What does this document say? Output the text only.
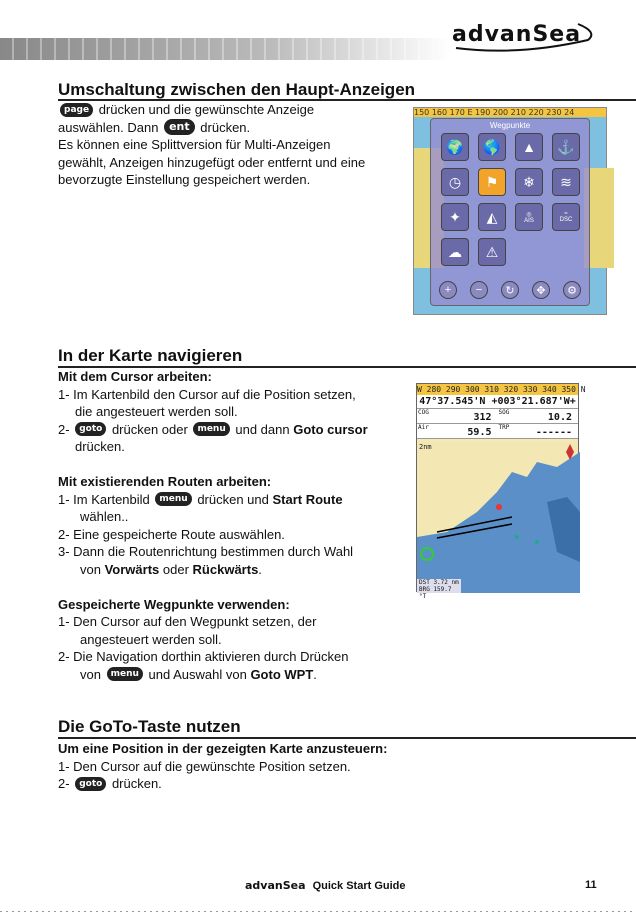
advanSea
Umschaltung zwischen den Haupt-Anzeigen
page drücken und die gewünschte Anzeige
auswählen. Dann ent drücken.
Es können eine Splittversion für Multi-Anzeigen
gewählt, Anzeigen hinzugefügt oder entfernt und eine
bevorzugte Einstellung gespeichert werden.
150 160 170 E 190 200 210 220 230 24
Wegpunkte
🌍	🌎	▲	⚓
◷	⚑	❄	≋
✦	◭	◎
AIS
≈
DSC
☁	⚠
+	−	↻	✥	⚙
In der Karte navigieren
Mit dem Cursor arbeiten:
1- Im Kartenbild den Cursor auf die Position setzen,
die angesteuert werden soll.
2- goto drücken oder menu und dann Goto cursor
drücken.
Mit existierenden Routen arbeiten:
1- Im Kartenbild menu drücken und Start Route
wählen..
2- Eine gespeicherte Route auswählen.
3- Dann die Routenrichtung bestimmen durch Wahl
von Vorwärts oder Rückwärts.
Gespeicherte Wegpunkte verwenden:
1- Den Cursor auf den Wegpunkt setzen, der
angesteuert werden soll.
2- Die Navigation dorthin aktivieren durch Drücken
von menu und Auswahl von Goto WPT.
W 280 290 300 310 320 330 340 350 N
47°37.545'N +003°21.687'W+
COG	312 SOG	10.2
Air	59.5 TRP	------
2nm
DST 3.72 nm
BRG 159.7 °T
Die GoTo-Taste nutzen
Um eine Position in der gezeigten Karte anzusteuern:
1- Den Cursor auf die gewünschte Position setzen.
2- goto drücken.
advanSea Quick Start Guide	11
